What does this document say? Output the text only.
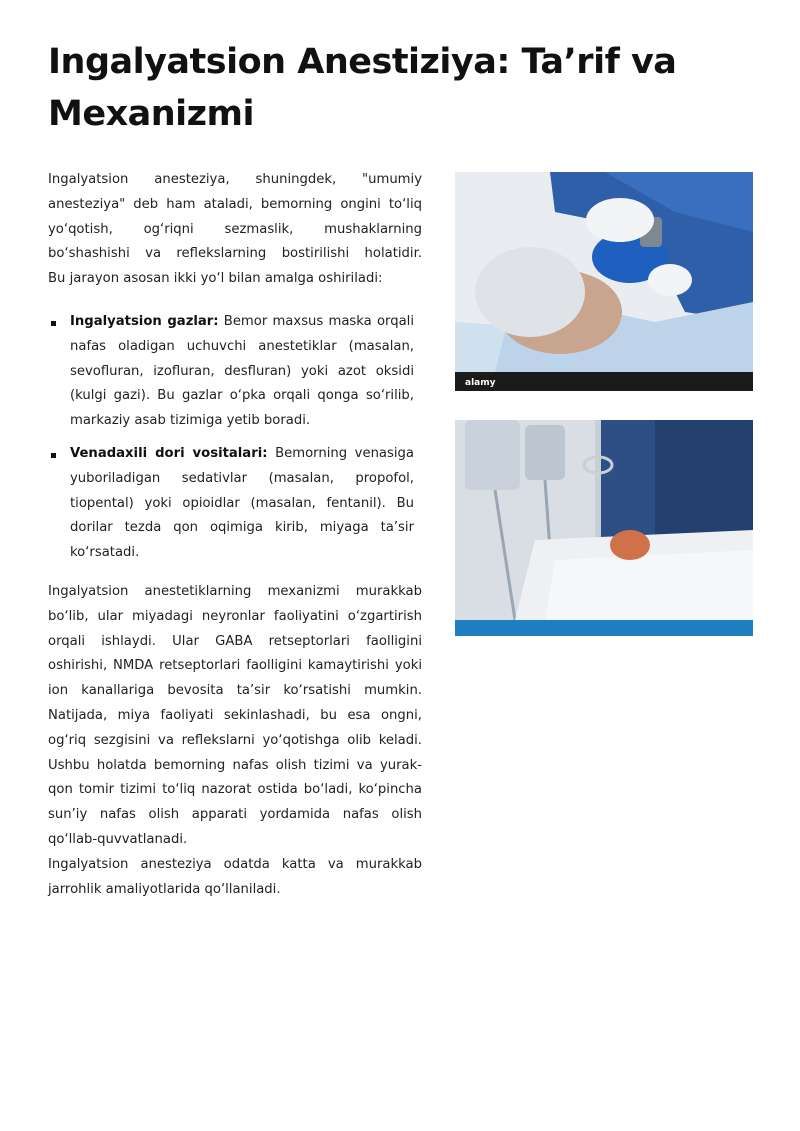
Ingalyatsion Anestiziya: Ta’rif va Mexanizmi

Ingalyatsion anesteziya, shuningdek, "umumiy anesteziya" deb ham ataladi, bemorning ongini to‘liq yo‘qotish, og‘riqni sezmaslik, mushaklarning bo‘shashishi va reflekslarning bostirilishi holatidir.

Bu jarayon asosan ikki yo‘l bilan amalga oshiriladi:

Ingalyatsion gazlar: Bemor maxsus maska orqali nafas oladigan uchuvchi anestetiklar (masalan, sevofluran, izofluran, desfluran) yoki azot oksidi (kulgi gazi). Bu gazlar o‘pka orqali qonga so‘rilib, markaziy asab tizimiga yetib boradi.
Venadaxili dori vositalari: Bemorning venasiga yuboriladigan sedativlar (masalan, propofol, tiopental) yoki opioidlar (masalan, fentanil). Bu dorilar tezda qon oqimiga kirib, miyaga ta’sir ko‘rsatadi.

Ingalyatsion anestetiklarning mexanizmi murakkab bo‘lib, ular miyadagi neyronlar faoliyatini o‘zgartirish orqali ishlaydi. Ular GABA retseptorlari faolligini oshirishi, NMDA retseptorlari faolligini kamaytirishi yoki ion kanallariga bevosita ta’sir ko‘rsatishi mumkin. Natijada, miya faoliyati sekinlashadi, bu esa ongni, og‘riq sezgisini va reflekslarni yo‘qotishga olib keladi. Ushbu holatda bemorning nafas olish tizimi va yurak-qon tomir tizimi to‘liq nazorat ostida bo‘ladi, ko‘pincha sun’iy nafas olish apparati yordamida nafas olish qo‘llab-quvvatlanadi.

Ingalyatsion anesteziya odatda katta va murakkab jarrohlik amaliyotlarida qo‘llaniladi.

alamy
